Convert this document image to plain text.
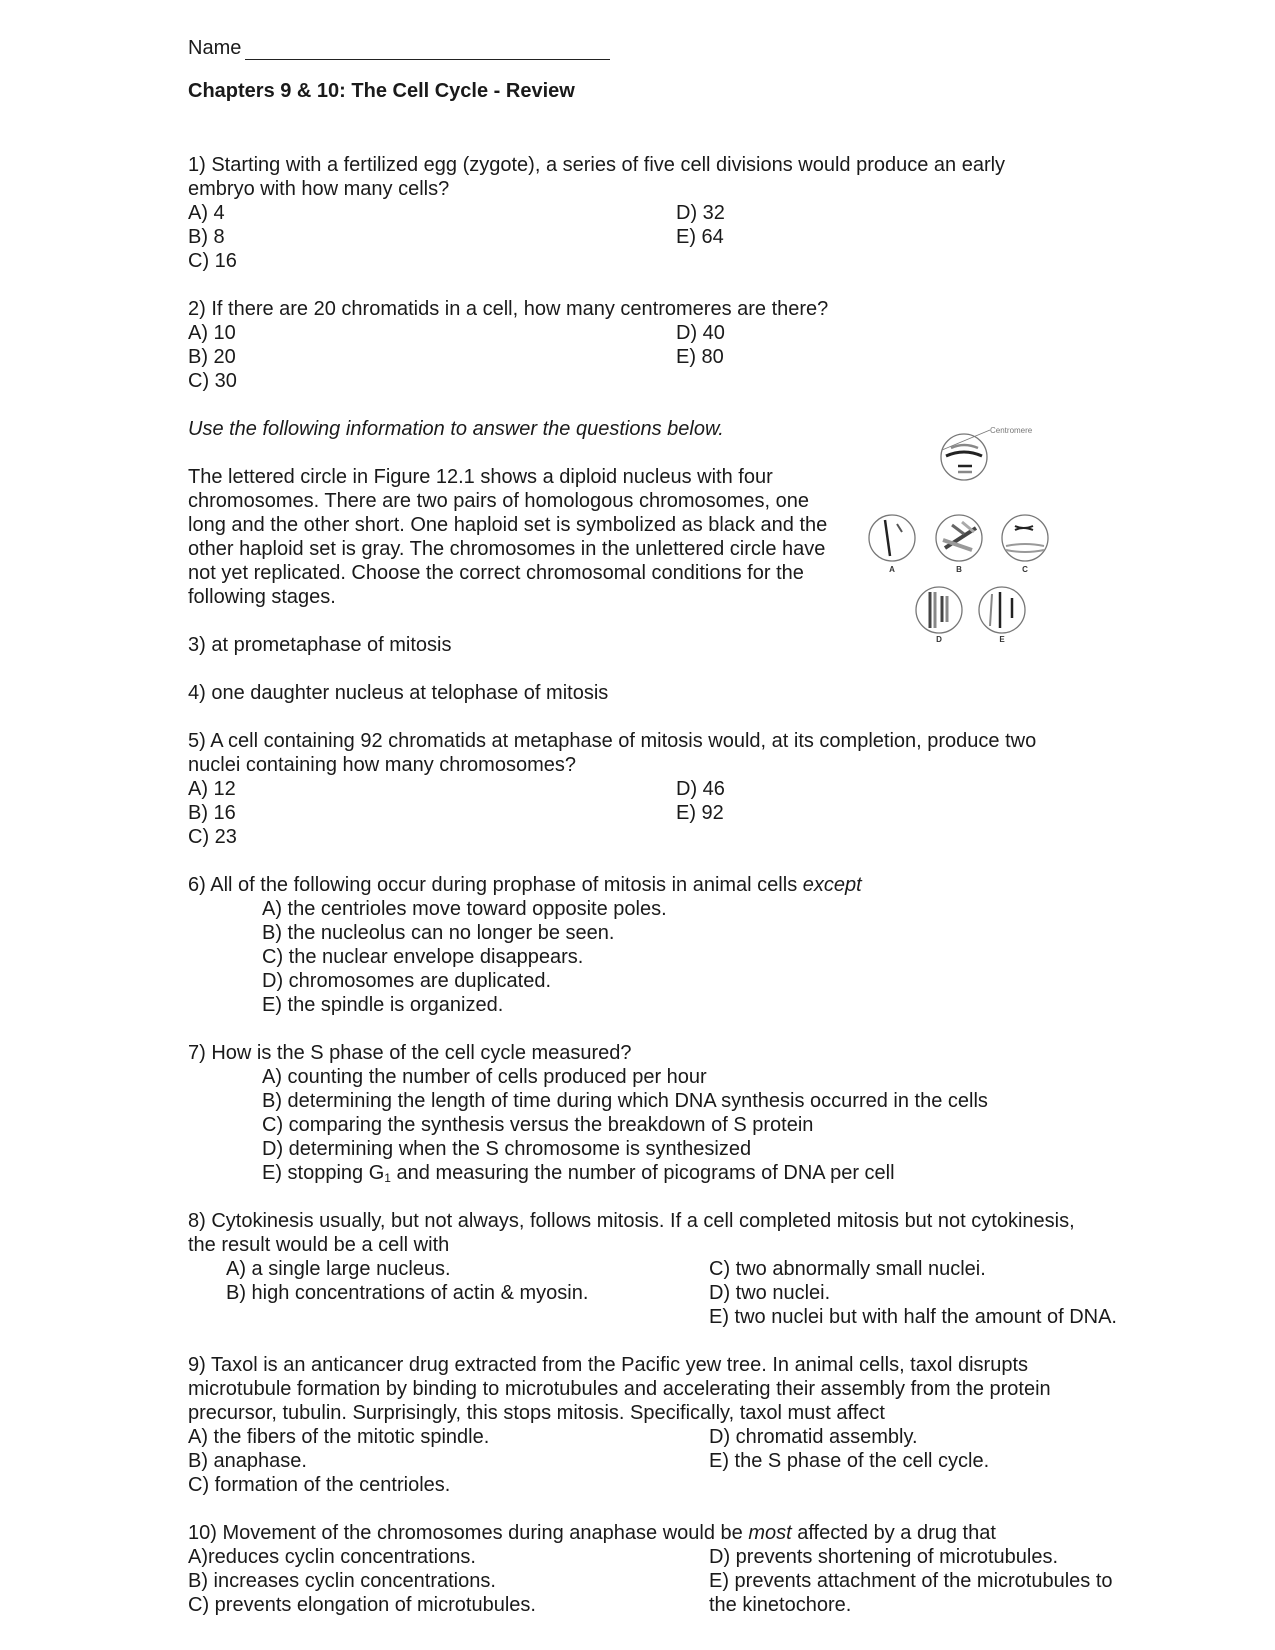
Name

Chapters 9 & 10: The Cell Cycle - Review

1) Starting with a fertilized egg (zygote), a series of five cell divisions would produce an early

embryo with how many cells?

A) 4

B) 8

C) 16

D) 32

E) 64

2) If there are 20 chromatids in a cell, how many centromeres are there?

A) 10

B) 20

C) 30

D) 40

E) 80

Use the following information to answer the questions below.

The lettered circle in Figure 12.1 shows a diploid nucleus with four

chromosomes. There are two pairs of homologous chromosomes, one

long and the other short. One haploid set is symbolized as black and the

other haploid set is gray. The chromosomes in the unlettered circle have

not yet replicated. Choose the correct chromosomal conditions for the

following stages.

Centromere
A	B	C
D	E

3) at prometaphase of mitosis

4) one daughter nucleus at telophase of mitosis

5) A cell containing 92 chromatids at metaphase of mitosis would, at its completion, produce two

nuclei containing how many chromosomes?

A) 12

B) 16

C) 23

D) 46

E) 92

6) All of the following occur during prophase of mitosis in animal cells except

A) the centrioles move toward opposite poles.

B) the nucleolus can no longer be seen.

C) the nuclear envelope disappears.

D) chromosomes are duplicated.

E) the spindle is organized.

7) How is the S phase of the cell cycle measured?

A) counting the number of cells produced per hour

B) determining the length of time during which DNA synthesis occurred in the cells

C) comparing the synthesis versus the breakdown of S protein

D) determining when the S chromosome is synthesized

E) stopping $G_1$ and measuring the number of picograms of DNA per cell

8) Cytokinesis usually, but not always, follows mitosis. If a cell completed mitosis but not cytokinesis,

the result would be a cell with

A) a single large nucleus.

B) high concentrations of actin & myosin.

C) two abnormally small nuclei.

D) two nuclei.

E) two nuclei but with half the amount of DNA.

9) Taxol is an anticancer drug extracted from the Pacific yew tree. In animal cells, taxol disrupts

microtubule formation by binding to microtubules and accelerating their assembly from the protein

precursor, tubulin. Surprisingly, this stops mitosis. Specifically, taxol must affect

A) the fibers of the mitotic spindle.

B) anaphase.

C) formation of the centrioles.

D) chromatid assembly.

E) the S phase of the cell cycle.

10) Movement of the chromosomes during anaphase would be most affected by a drug that

A)reduces cyclin concentrations.

B) increases cyclin concentrations.

C) prevents elongation of microtubules.

D) prevents shortening of microtubules.

E) prevents attachment of the microtubules to

the kinetochore.
